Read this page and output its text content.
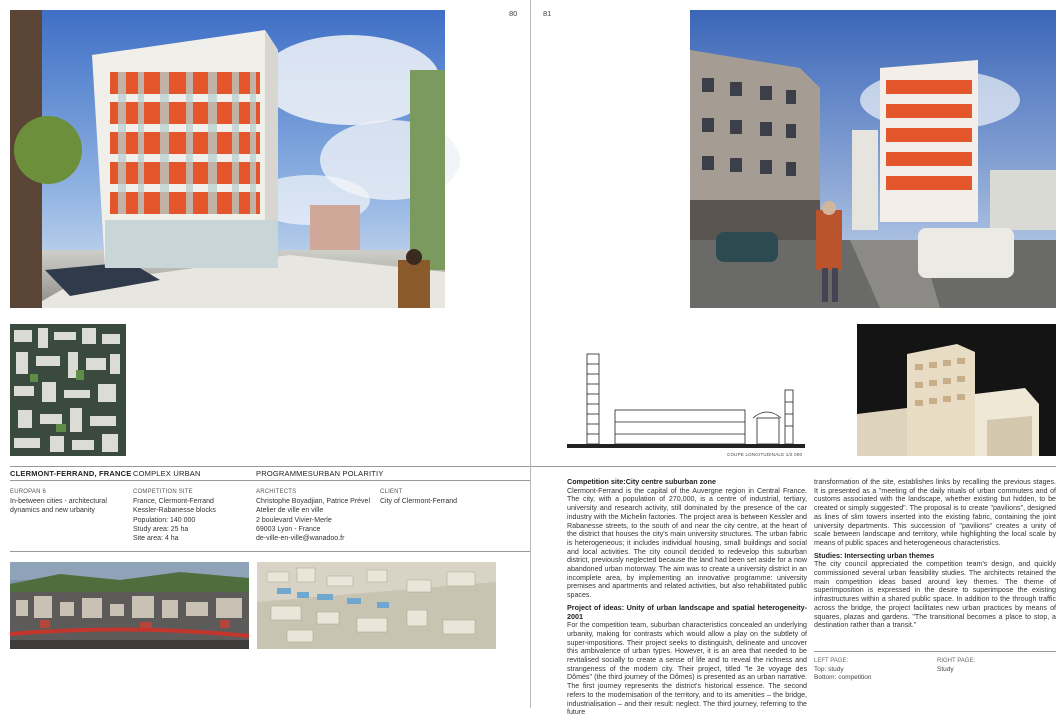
80
CLERMONT-FERRAND, FRANCE COMPLEX URBAN	PROGRAMMESURBAN POLARITIY
EUROPAN 6
In-between cities - architectural dynamics and new urbanity
COMPETITION SITE
France, Clermont-Ferrand
Kessler-Rabanesse blocks
Population: 140 000
Study area: 25 ha
Site area: 4 ha
ARCHITECTS
Christophe Boyadjian, Patrice Prével
Atelier de ville en ville
2 boulevard Vivier-Merle
69003 Lyon - France
de-ville-en-ville@wanadoo.fr
CLIENT
City of Clermont-Ferrand
81
COUPE LONGITUDINALE 1/2 000
Competition site:City centre suburban zone

Clermont-Ferrand is the capital of the Auvergne region in Central France. The city, with a population of 270,000, is a centre of industrial, tertiary, university and research activity, still dominated by the presence of the car industry with the Michelin factories. The project area is between Kessler and Rabanesse streets, to the south of and near the city centre, at the heart of the district that houses the city's main university structures. The urban fabric is heterogeneous; it includes individual housing, small buildings and social and local activities. The city council decided to redevelop this suburban district, previously neglected because the land had been set aside for a now abandoned urban motorway. The aim was to create a university district in an incomplete area, by implementing an innovative programme: university premises and apartments and related activities, but also rehabilitated public spaces.

Project of ideas: Unity of urban landscape and spatial heterogeneity-2001

For the competition team, suburban characteristics concealed an underlying urbanity, making for contrasts which would allow a play on the subtlety of super-impositions. Their project seeks to distinguish, delineate and uncover this ambivalence of urban types. However, it is an area that needed to be revitalised socially to create a sense of life and to reveal the richness and strangeness of the modern city. Their project, titled "le 3e voyage des Dômes" (the third journey of the Dômes) is presented as an urban narrative. The first journey represents the district's historical essence. The second refers to the modernisation of the territory, and to its amenities – the bridge, industrialisation – and their result: neglect. The third journey, referring to the future

transformation of the site, establishes links by recalling the previous stages. It is presented as a "meeting of the daily rituals of urban commuters and of customs associated with the landscape, whether existing but hidden, to be created or simply suggested". The proposal is to create "pavilions", designed as lines of slim towers inserted into the existing fabric, containing the joint university departments. This succession of "pavilions" creates a unity of scale between landscape and territory, while highlighting the local scale by means of public spaces and heterogeneous characteristics.

Studies: Intersecting urban themes

The city council appreciated the competition team's design, and quickly commissioned several urban feasibility studies. The architects retained the main competition ideas based around key themes. The theme of superimposition is expressed in the desire to superimpose the existing infrastructures within a shared public space. In addition to the through traffic across the bridge, the project facilitates new urban practices by means of squares, plazas and gardens. "The transitional becomes a place to stop, a destination rather than a transit."

LEFT PAGE:
Top: study
Bottom: competition
RIGHT PAGE:
Study
